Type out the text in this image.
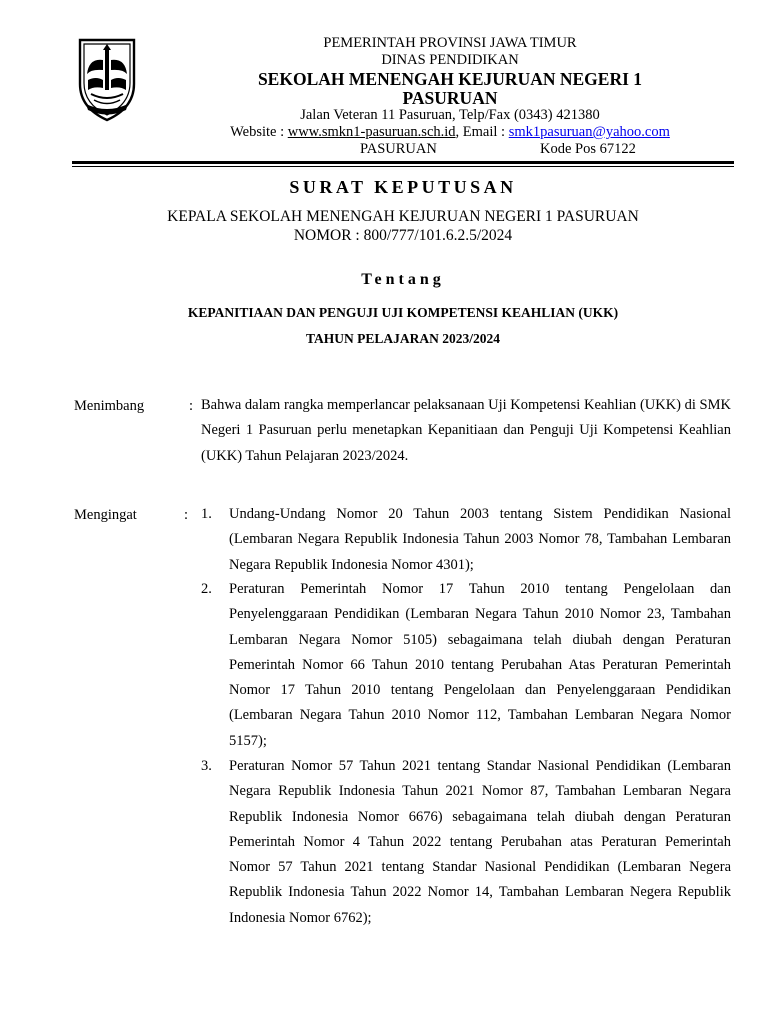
PEMERINTAH PROVINSI JAWA TIMUR
DINAS PENDIDIKAN
SEKOLAH MENENGAH KEJURUAN NEGERI 1
PASURUAN
Jalan Veteran 11 Pasuruan, Telp/Fax (0343) 421380
Website : www.smkn1-pasuruan.sch.id, Email : smk1pasuruan@yahoo.com
PASURUAN	Kode Pos 67122
SURAT KEPUTUSAN
KEPALA SEKOLAH MENENGAH KEJURUAN NEGERI 1 PASURUAN
NOMOR : 800/777/101.6.2.5/2024
Tentang
KEPANITIAAN DAN PENGUJI UJI KOMPETENSI KEAHLIAN (UKK)
TAHUN PELAJARAN 2023/2024
Menimbang	: Bahwa dalam rangka memperlancar pelaksanaan Uji Kompetensi Keahlian (UKK) di SMK Negeri 1 Pasuruan perlu menetapkan Kepanitiaan dan Penguji Uji Kompetensi Keahlian (UKK) Tahun Pelajaran 2023/2024.
Mengingat	: 1. Undang-Undang Nomor 20 Tahun 2003 tentang Sistem Pendidikan Nasional (Lembaran Negara Republik Indonesia Tahun 2003 Nomor 78, Tambahan Lembaran Negara Republik Indonesia Nomor 4301);
2. Peraturan Pemerintah Nomor 17 Tahun 2010 tentang Pengelolaan dan Penyelenggaraan Pendidikan (Lembaran Negara Tahun 2010 Nomor 23, Tambahan Lembaran Negara Nomor 5105) sebagaimana telah diubah dengan Peraturan Pemerintah Nomor 66 Tahun 2010 tentang Perubahan Atas Peraturan Pemerintah Nomor 17 Tahun 2010 tentang Pengelolaan dan Penyelenggaraan Pendidikan (Lembaran Negara Tahun 2010 Nomor 112, Tambahan Lembaran Negara Nomor 5157);
3. Peraturan Nomor 57 Tahun 2021 tentang Standar Nasional Pendidikan (Lembaran Negara Republik Indonesia Tahun 2021 Nomor 87, Tambahan Lembaran Negara Republik Indonesia Nomor 6676) sebagaimana telah diubah dengan Peraturan Pemerintah Nomor 4 Tahun 2022 tentang Perubahan atas Peraturan Pemerintah Nomor 57 Tahun 2021 tentang Standar Nasional Pendidikan (Lembaran Negera Republik Indonesia Tahun 2022 Nomor 14, Tambahan Lembaran Negera Republik Indonesia Nomor 6762);
